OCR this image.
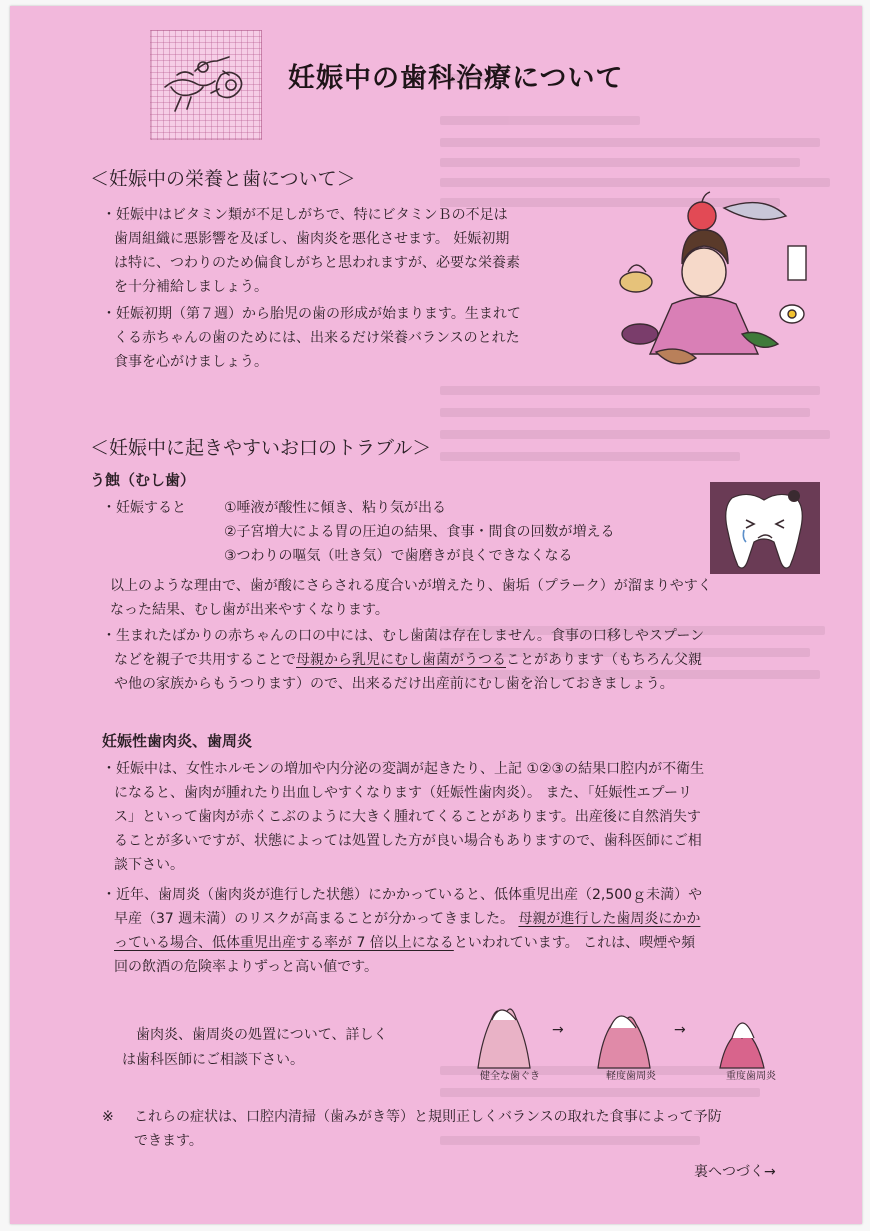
妊娠中の歯科治療について
＜妊娠中の栄養と歯について＞
・妊娠中はビタミン類が不足しがちで、特にビタミンＢの不足は
歯周組織に悪影響を及ぼし、歯肉炎を悪化させます。 妊娠初期
は特に、つわりのため偏食しがちと思われますが、必要な栄養素
を十分補給しましょう。
・妊娠初期（第７週）から胎児の歯の形成が始まります。生まれて
くる赤ちゃんの歯のためには、出来るだけ栄養バランスのとれた
食事を心がけましょう。
＜妊娠中に起きやすいお口のトラブル＞
う蝕（むし歯）
・妊娠すると	①唾液が酸性に傾き、粘り気が出る
②子宮増大による胃の圧迫の結果、食事・間食の回数が増える
③つわりの嘔気（吐き気）で歯磨きが良くできなくなる
以上のような理由で、歯が酸にさらされる度合いが増えたり、歯垢（プラーク）が溜まりやすく
なった結果、むし歯が出来やすくなります。
・生まれたばかりの赤ちゃんの口の中には、むし歯菌は存在しません。食事の口移しやスプーン
などを親子で共用することで母親から乳児にむし歯菌がうつることがあります（もちろん父親
や他の家族からもうつります）ので、出来るだけ出産前にむし歯を治しておきましょう。
妊娠性歯肉炎、歯周炎
・妊娠中は、女性ホルモンの増加や内分泌の変調が起きたり、上記 ①②③の結果口腔内が不衛生
になると、歯肉が腫れたり出血しやすくなります（妊娠性歯肉炎）。 また、「妊娠性エプーリ
ス」といって歯肉が赤くこぶのように大きく腫れてくることがあります。出産後に自然消失す
ることが多いですが、状態によっては処置した方が良い場合もありますので、歯科医師にご相
談下さい。
・近年、歯周炎（歯肉炎が進行した状態）にかかっていると、低体重児出産（2,500ｇ未満）や
早産（37 週未満）のリスクが高まることが分かってきました。 母親が進行した歯周炎にかか
っている場合、低体重児出産する率が 7 倍以上になるといわれています。 これは、喫煙や頻
回の飲酒の危険率よりずっと高い値です。
歯肉炎、歯周炎の処置について、詳しく
は歯科医師にご相談下さい。
→	→
健全な歯ぐき	軽度歯周炎	重度歯周炎
※ これらの症状は、口腔内清掃（歯みがき等）と規則正しくバランスの取れた食事によって予防
できます。
裏へつづく→
